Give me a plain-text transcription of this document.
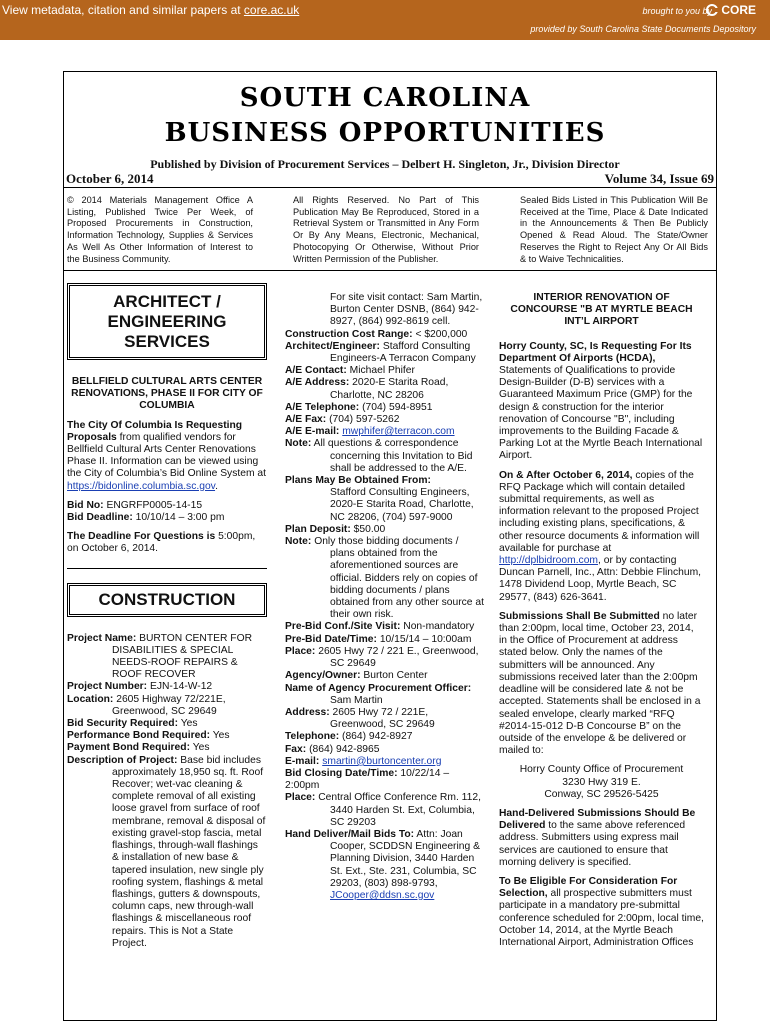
View metadata, citation and similar papers at core.ac.uk	brought to you by CORE
provided by South Carolina State Documents Depository
SOUTH CAROLINA
BUSINESS OPPORTUNITIES
Published by Division of Procurement Services – Delbert H. Singleton, Jr., Division Director
October 6, 2014	Volume 34, Issue 69
© 2014 Materials Management Office A Listing, Published Twice Per Week, of Proposed Procurements in Construction, Information Technology, Supplies & Services As Well As Other Information of Interest to the Business Community.
All Rights Reserved. No Part of This Publication May Be Reproduced, Stored in a Retrieval System or Transmitted in Any Form Or By Any Means, Electronic, Mechanical, Photocopying Or Otherwise, Without Prior Written Permission of the Publisher.
Sealed Bids Listed in This Publication Will Be Received at the Time, Place & Date Indicated in the Announcements & Then Be Publicly Opened & Read Aloud. The State/Owner Reserves the Right to Reject Any Or All Bids & to Waive Technicalities.
ARCHITECT / ENGINEERING SERVICES

BELLFIELD CULTURAL ARTS CENTER RENOVATIONS, PHASE II FOR CITY OF COLUMBIA

The City Of Columbia Is Requesting Proposals from qualified vendors for Bellfield Cultural Arts Center Renovations Phase II. Information can be viewed using the City of Columbia’s Bid Online System at https://bidonline.columbia.sc.gov.

Bid No: ENGRFP0005-14-15
Bid Deadline: 10/10/14 – 3:00 pm

The Deadline For Questions is 5:00pm, on October 6, 2014.

CONSTRUCTION
Project Name: BURTON CENTER FOR DISABILITIES & SPECIAL NEEDS-ROOF REPAIRS & ROOF RECOVER
Project Number: EJN-14-W-12
Location: 2605 Highway 72/221E, Greenwood, SC 29649
Bid Security Required: Yes
Performance Bond Required: Yes
Payment Bond Required: Yes
Description of Project: Base bid includes approximately 18,950 sq. ft. Roof Recover; wet-vac cleaning & complete removal of all existing loose gravel from surface of roof membrane, removal & disposal of existing gravel-stop fascia, metal flashings, through-wall flashings & installation of new base & tapered insulation, new single ply roofing system, flashings & metal flashings, gutters & downspouts, column caps, new through-wall flashings & miscellaneous roof repairs. This is Not a State Project.
For site visit contact: Sam Martin, Burton Center DSNB, (864) 942-8927, (864) 992-8619 cell.
Construction Cost Range: < $200,000
Architect/Engineer: Stafford Consulting Engineers-A Terracon Company
A/E Contact: Michael Phifer
A/E Address: 2020-E Starita Road, Charlotte, NC 28206
A/E Telephone: (704) 594-8951
A/E Fax: (704) 597-5262
A/E E-mail: mwphifer@terracon.com
Note: All questions & correspondence concerning this Invitation to Bid shall be addressed to the A/E.
Plans May Be Obtained From:
Stafford Consulting Engineers, 2020-E Starita Road, Charlotte, NC 28206, (704) 597-9000
Plan Deposit: $50.00
Note: Only those bidding documents / plans obtained from the aforementioned sources are official. Bidders rely on copies of bidding documents / plans obtained from any other source at their own risk.
Pre-Bid Conf./Site Visit: Non-mandatory
Pre-Bid Date/Time: 10/15/14 – 10:00am
Place: 2605 Hwy 72 / 221 E., Greenwood, SC 29649
Agency/Owner: Burton Center
Name of Agency Procurement Officer:
Sam Martin
Address: 2605 Hwy 72 / 221E, Greenwood, SC 29649
Telephone: (864) 942-8927
Fax: (864) 942-8965
E-mail: smartin@burtoncenter.org
Bid Closing Date/Time: 10/22/14 – 2:00pm
Place: Central Office Conference Rm. 112, 3440 Harden St. Ext, Columbia, SC 29203
Hand Deliver/Mail Bids To: Attn: Joan Cooper, SCDDSN Engineering & Planning Division, 3440 Harden St. Ext., Ste. 231, Columbia, SC 29203, (803) 898-9793, JCooper@ddsn.sc.gov

INTERIOR RENOVATION OF CONCOURSE "B AT MYRTLE BEACH INT’L AIRPORT

Horry County, SC, Is Requesting For Its Department Of Airports (HCDA), Statements of Qualifications to provide Design-Builder (D-B) services with a Guaranteed Maximum Price (GMP) for the design & construction for the interior renovation of Concourse "B", including improvements to the Building Facade & Parking Lot at the Myrtle Beach International Airport.

On & After October 6, 2014, copies of the RFQ Package which will contain detailed submittal requirements, as well as information relevant to the proposed Project including existing plans, specifications, & other resource documents & information will available for purchase at http://dplbidroom.com, or by contacting Duncan Parnell, Inc., Attn: Debbie Flinchum, 1478 Dividend Loop, Myrtle Beach, SC 29577, (843) 626-3641.

Submissions Shall Be Submitted no later than 2:00pm, local time, October 23, 2014, in the Office of Procurement at address stated below. Only the names of the submitters will be announced. Any submissions received later than the 2:00pm deadline will be considered late & not be accepted. Statements shall be enclosed in a sealed envelope, clearly marked “RFQ #2014-15-012 D-B Concourse B” on the outside of the envelope & be delivered or mailed to:

Horry County Office of Procurement
3230 Hwy 319 E.
Conway, SC 29526-5425

Hand-Delivered Submissions Should Be Delivered to the same above referenced address. Submitters using express mail services are cautioned to ensure that morning delivery is specified.

To Be Eligible For Consideration For Selection, all prospective submitters must participate in a mandatory pre-submittal conference scheduled for 2:00pm, local time, October 14, 2014, at the Myrtle Beach International Airport, Administration Offices
